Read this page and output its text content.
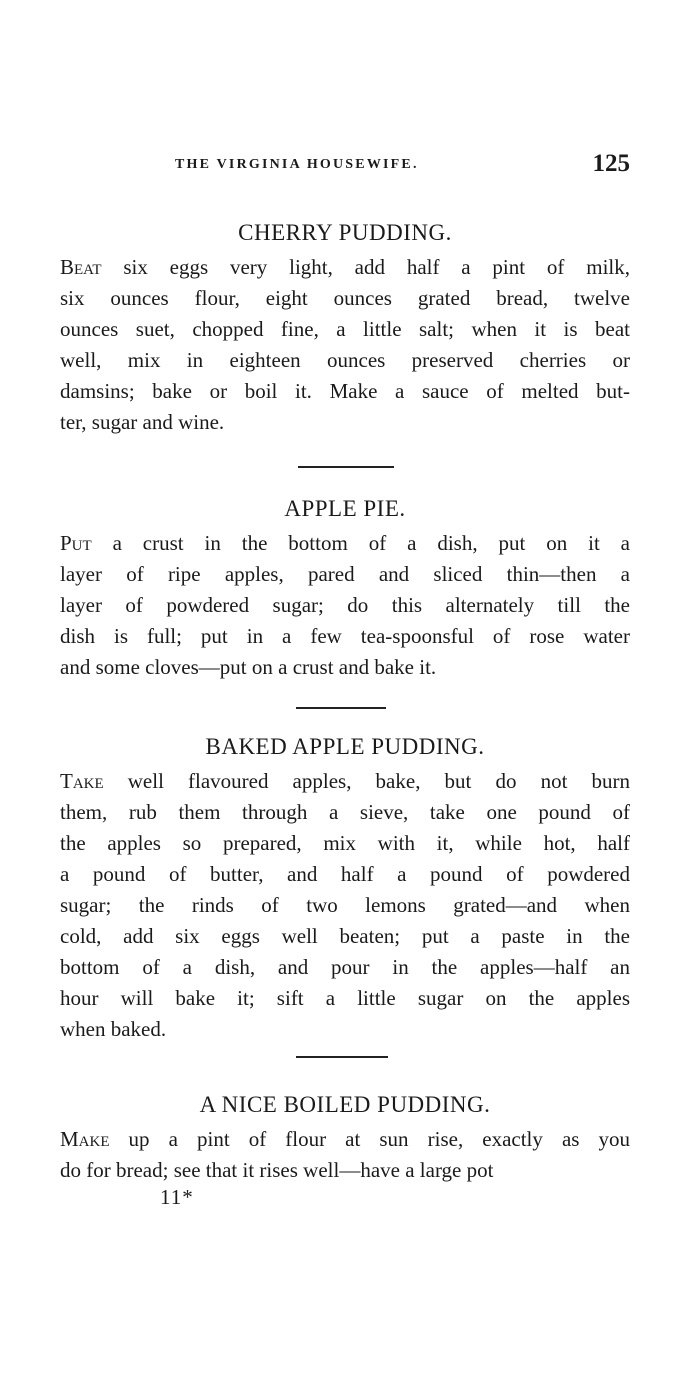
THE VIRGINIA HOUSEWIFE.	125
CHERRY PUDDING.

Beat six eggs very light, add half a pint of milk,
six ounces flour, eight ounces grated bread, twelve
ounces suet, chopped fine, a little salt; when it is beat
well, mix in eighteen ounces preserved cherries or
damsins; bake or boil it. Make a sauce of melted but-
ter, sugar and wine.

APPLE PIE.

Put a crust in the bottom of a dish, put on it a
layer of ripe apples, pared and sliced thin—then a
layer of powdered sugar; do this alternately till the
dish is full; put in a few tea-spoonsful of rose water
and some cloves—put on a crust and bake it.

BAKED APPLE PUDDING.

Take well flavoured apples, bake, but do not burn
them, rub them through a sieve, take one pound of
the apples so prepared, mix with it, while hot, half
a pound of butter, and half a pound of powdered
sugar; the rinds of two lemons grated—and when
cold, add six eggs well beaten; put a paste in the
bottom of a dish, and pour in the apples—half an
hour will bake it; sift a little sugar on the apples
when baked.

A NICE BOILED PUDDING.

Make up a pint of flour at sun rise, exactly as you
do for bread; see that it rises well—have a large pot

11*
